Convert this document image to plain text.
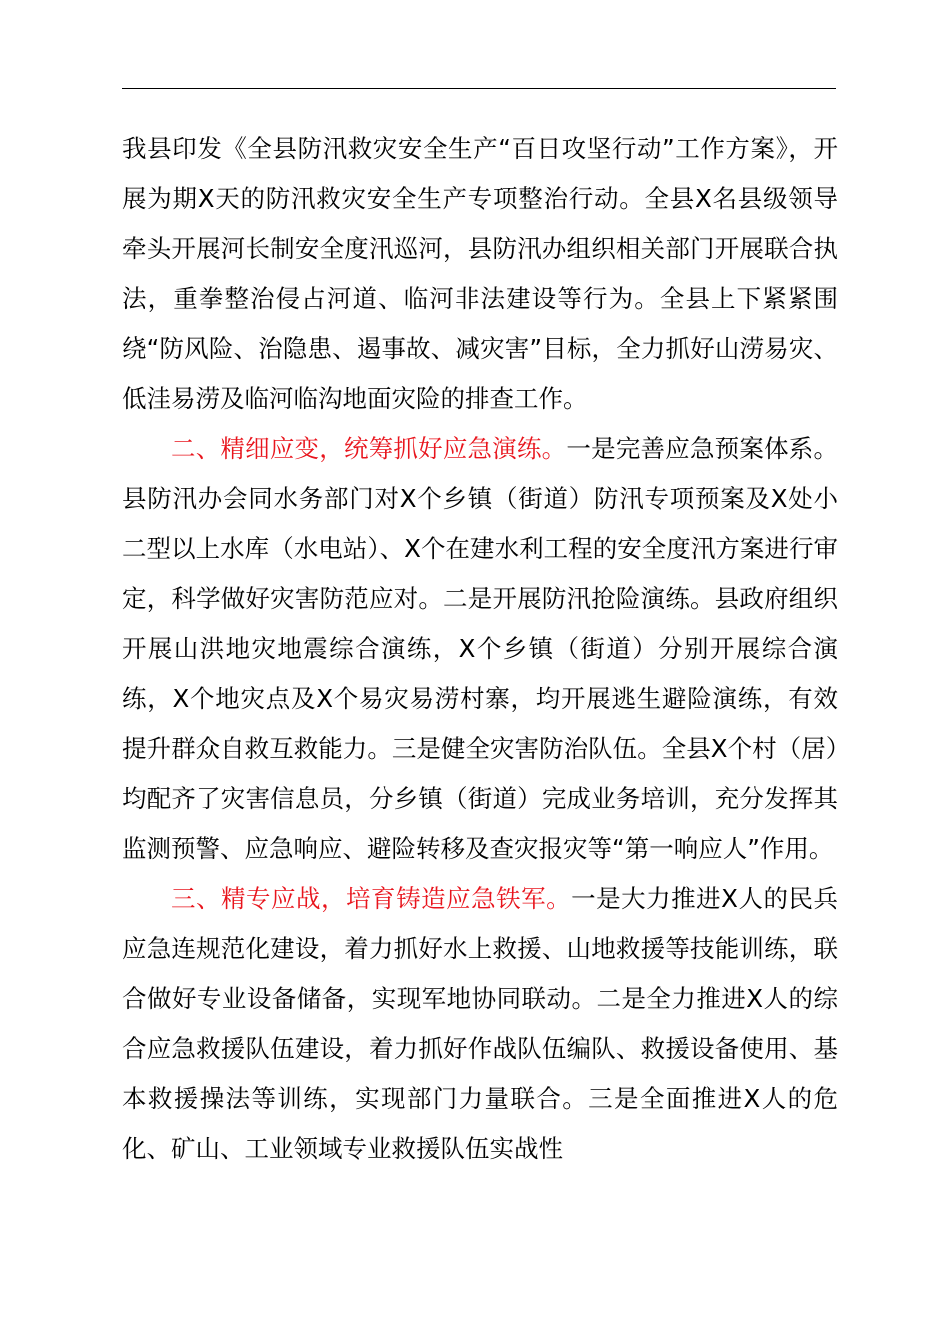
我县印发《全县防汛救灾安全生产“百日攻坚行动”工作方案》，开展为期X天的防汛救灾安全生产专项整治行动。全县X名县级领导牵头开展河长制安全度汛巡河，县防汛办组织相关部门开展联合执法，重拳整治侵占河道、临河非法建设等行为。全县上下紧紧围绕“防风险、治隐患、遏事故、减灾害”目标，全力抓好山涝易灾、低洼易涝及临河临沟地面灾险的排查工作。

二、精细应变，统筹抓好应急演练。一是完善应急预案体系。县防汛办会同水务部门对X个乡镇（街道）防汛专项预案及X处小二型以上水库（水电站）、X个在建水利工程的安全度汛方案进行审定，科学做好灾害防范应对。二是开展防汛抢险演练。县政府组织开展山洪地灾地震综合演练，X个乡镇（街道）分别开展综合演练，X个地灾点及X个易灾易涝村寨，均开展逃生避险演练，有效提升群众自救互救能力。三是健全灾害防治队伍。全县X个村（居）均配齐了灾害信息员，分乡镇（街道）完成业务培训，充分发挥其监测预警、应急响应、避险转移及查灾报灾等“第一响应人”作用。

三、精专应战，培育铸造应急铁军。一是大力推进X人的民兵应急连规范化建设，着力抓好水上救援、山地救援等技能训练，联合做好专业设备储备，实现军地协同联动。二是全力推进X人的综合应急救援队伍建设，着力抓好作战队伍编队、救援设备使用、基本救援操法等训练，实现部门力量联合。三是全面推进X人的危化、矿山、工业领域专业救援队伍实战性
